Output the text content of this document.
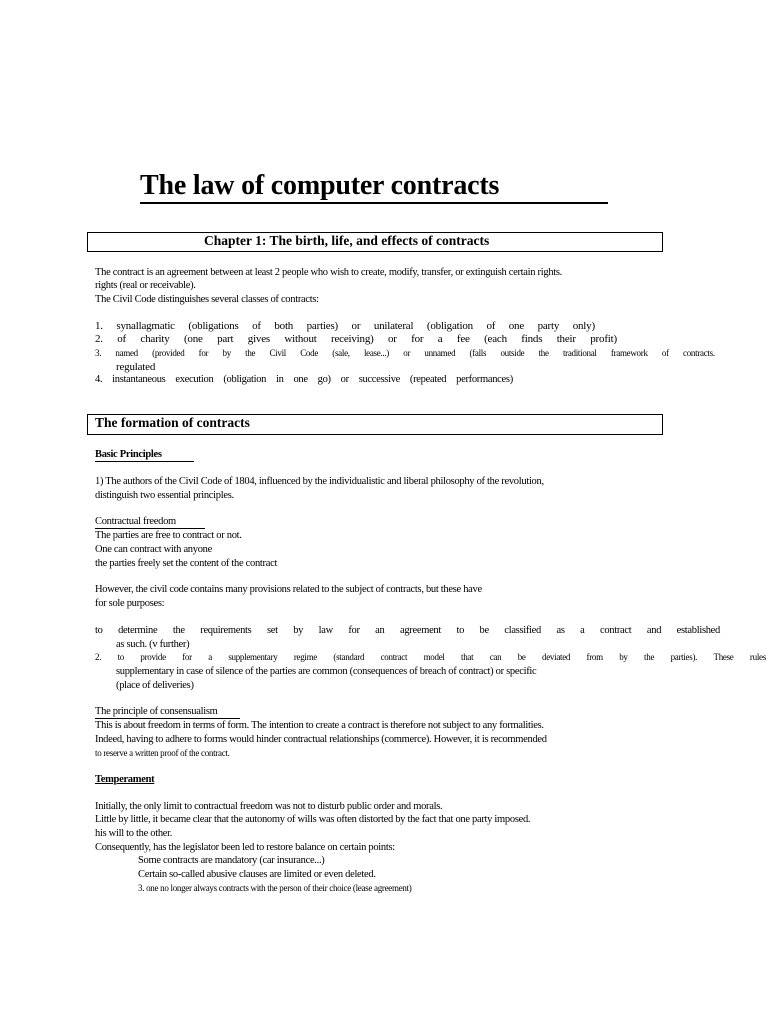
The law of computer contracts
Chapter 1: The birth, life, and effects of contracts
The contract is an agreement between at least 2 people who wish to create, modify, transfer, or extinguish certain rights.
rights (real or receivable).
The Civil Code distinguishes several classes of contracts:
1. synallagmatic (obligations of both parties) or unilateral (obligation of one party only)
2. of charity (one part gives without receiving) or for a fee (each finds their profit)
3. named (provided for by the Civil Code (sale, lease...) or unnamed (falls outside the traditional framework of contracts.
regulated
4. instantaneous execution (obligation in one go) or successive (repeated performances)
The formation of contracts
Basic Principles
1) The authors of the Civil Code of 1804, influenced by the individualistic and liberal philosophy of the revolution,
distinguish two essential principles.
Contractual freedom
The parties are free to contract or not.
One can contract with anyone
the parties freely set the content of the contract
However, the civil code contains many provisions related to the subject of contracts, but these have
for sole purposes:
to determine the requirements set by law for an agreement to be classified as a contract and established
as such. (v further)
2. to provide for a supplementary regime (standard contract model that can be deviated from by the parties). These rules
supplementary in case of silence of the parties are common (consequences of breach of contract) or specific
(place of deliveries)
The principle of consensualism
This is about freedom in terms of form. The intention to create a contract is therefore not subject to any formalities.
Indeed, having to adhere to forms would hinder contractual relationships (commerce). However, it is recommended
to reserve a written proof of the contract.
Temperament
Initially, the only limit to contractual freedom was not to disturb public order and morals.
Little by little, it became clear that the autonomy of wills was often distorted by the fact that one party imposed.
his will to the other.
Consequently, has the legislator been led to restore balance on certain points:
Some contracts are mandatory (car insurance...)
Certain so-called abusive clauses are limited or even deleted.
3. one no longer always contracts with the person of their choice (lease agreement)
